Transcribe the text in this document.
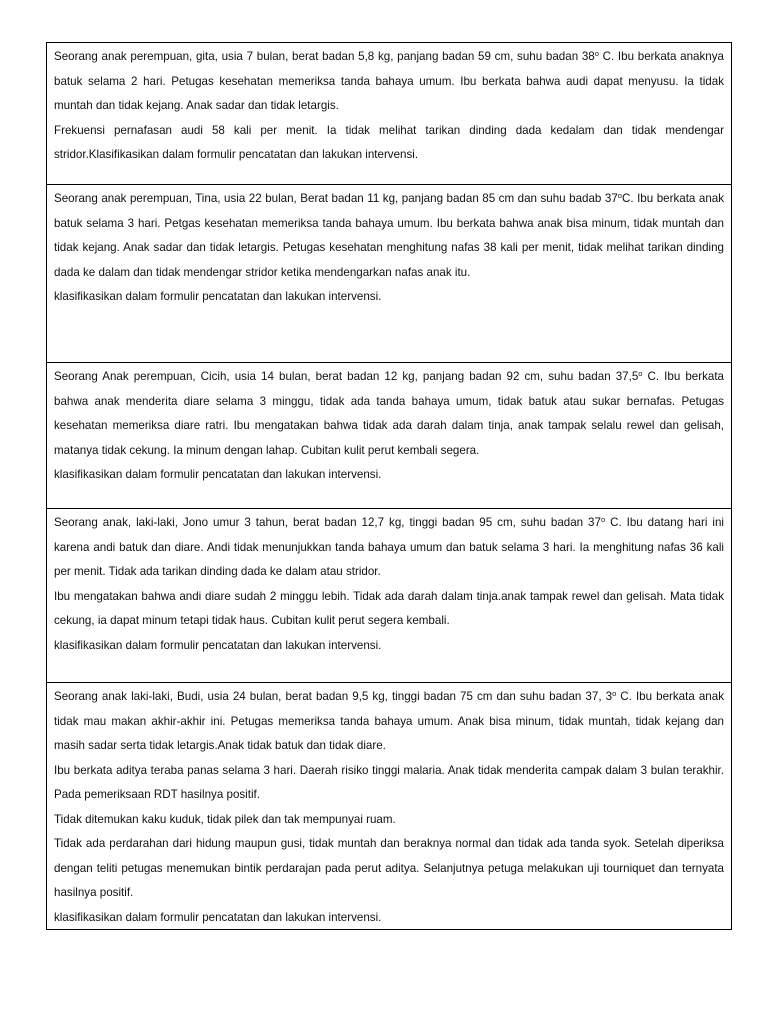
Seorang anak perempuan, gita, usia 7 bulan, berat badan 5,8 kg, panjang badan 59 cm, suhu badan 38$^o$ C. Ibu berkata anaknya batuk selama 2 hari. Petugas kesehatan memeriksa tanda bahaya umum. Ibu berkata bahwa audi dapat menyusu. Ia tidak muntah dan tidak kejang. Anak sadar dan tidak letargis.

Frekuensi pernafasan audi 58 kali per menit. Ia tidak melihat tarikan dinding dada kedalam dan tidak mendengar stridor.Klasifikasikan dalam formulir pencatatan dan lakukan intervensi.

Seorang anak perempuan, Tina, usia 22 bulan, Berat badan 11 kg, panjang badan 85 cm dan suhu badab 37$^o$C. Ibu berkata anak batuk selama 3 hari. Petgas kesehatan memeriksa tanda bahaya umum. Ibu berkata bahwa anak bisa minum, tidak muntah dan tidak kejang. Anak sadar dan tidak letargis. Petugas kesehatan menghitung nafas 38 kali per menit, tidak melihat tarikan dinding dada ke dalam dan tidak mendengar stridor ketika mendengarkan nafas anak itu.

klasifikasikan dalam formulir pencatatan dan lakukan intervensi.

Seorang Anak perempuan, Cicih, usia 14 bulan, berat badan 12 kg, panjang badan 92 cm, suhu badan 37,5$^o$ C. Ibu berkata bahwa anak menderita diare selama 3 minggu, tidak ada tanda bahaya umum, tidak batuk atau sukar bernafas. Petugas kesehatan memeriksa diare ratri. Ibu mengatakan bahwa tidak ada darah dalam tinja, anak tampak selalu rewel dan gelisah, matanya tidak cekung. Ia minum dengan lahap. Cubitan kulit perut kembali segera.

klasifikasikan dalam formulir pencatatan dan lakukan intervensi.

Seorang anak, laki-laki, Jono umur 3 tahun, berat badan 12,7 kg, tinggi badan 95 cm, suhu badan 37$^o$ C. Ibu datang hari ini karena andi batuk dan diare. Andi tidak menunjukkan tanda bahaya umum dan batuk selama 3 hari. Ia menghitung nafas 36 kali per menit. Tidak ada tarikan dinding dada ke dalam atau stridor.

Ibu mengatakan bahwa andi diare sudah 2 minggu lebih. Tidak ada darah dalam tinja.anak tampak rewel dan gelisah. Mata tidak cekung, ia dapat minum tetapi tidak haus. Cubitan kulit perut segera kembali.

klasifikasikan dalam formulir pencatatan dan lakukan intervensi.

Seorang anak laki-laki, Budi, usia 24 bulan, berat badan 9,5 kg, tinggi badan 75 cm dan suhu badan 37, 3$^o$ C. Ibu berkata anak tidak mau makan akhir-akhir ini. Petugas memeriksa tanda bahaya umum. Anak bisa minum, tidak muntah, tidak kejang dan masih sadar serta tidak letargis.Anak tidak batuk dan tidak diare.

Ibu berkata aditya teraba panas selama 3 hari. Daerah risiko tinggi malaria. Anak tidak menderita campak dalam 3 bulan terakhir. Pada pemeriksaan RDT hasilnya positif.

Tidak ditemukan kaku kuduk, tidak pilek dan tak mempunyai ruam.

Tidak ada perdarahan dari hidung maupun gusi, tidak muntah dan beraknya normal dan tidak ada tanda syok. Setelah diperiksa dengan teliti petugas menemukan bintik perdarajan pada perut aditya. Selanjutnya petuga melakukan uji tourniquet dan ternyata hasilnya positif.

klasifikasikan dalam formulir pencatatan dan lakukan intervensi.
